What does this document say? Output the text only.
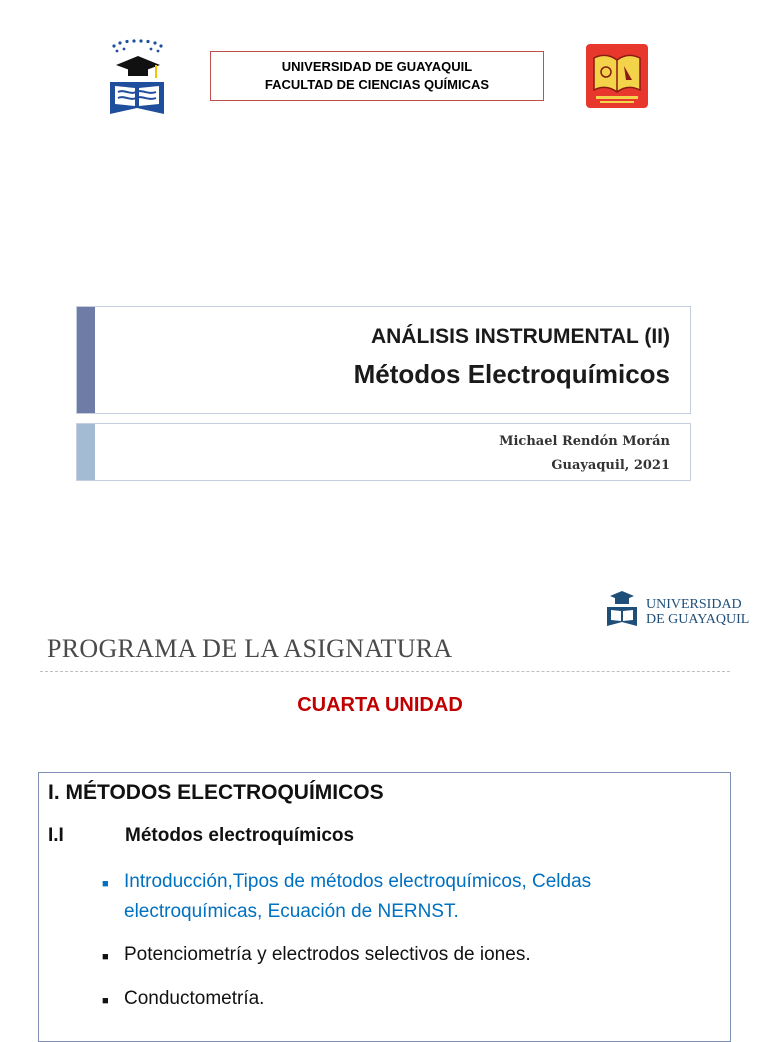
UNIVERSIDAD DE GUAYAQUIL
FACULTAD DE CIENCIAS QUÍMICAS
ANÁLISIS INSTRUMENTAL (II)
Métodos Electroquímicos
Michael Rendón Morán
Guayaquil, 2021
UNIVERSIDAD
DE GUAYAQUIL
PROGRAMA DE LA ASIGNATURA
CUARTA UNIDAD
I. MÉTODOS ELECTROQUÍMICOS
I.I	Métodos electroquímicos
■ Introducción,Tipos de métodos electroquímicos, Celdas
electroquímicas, Ecuación de NERNST.
■ Potenciometría y electrodos selectivos de iones.
■ Conductometría.
